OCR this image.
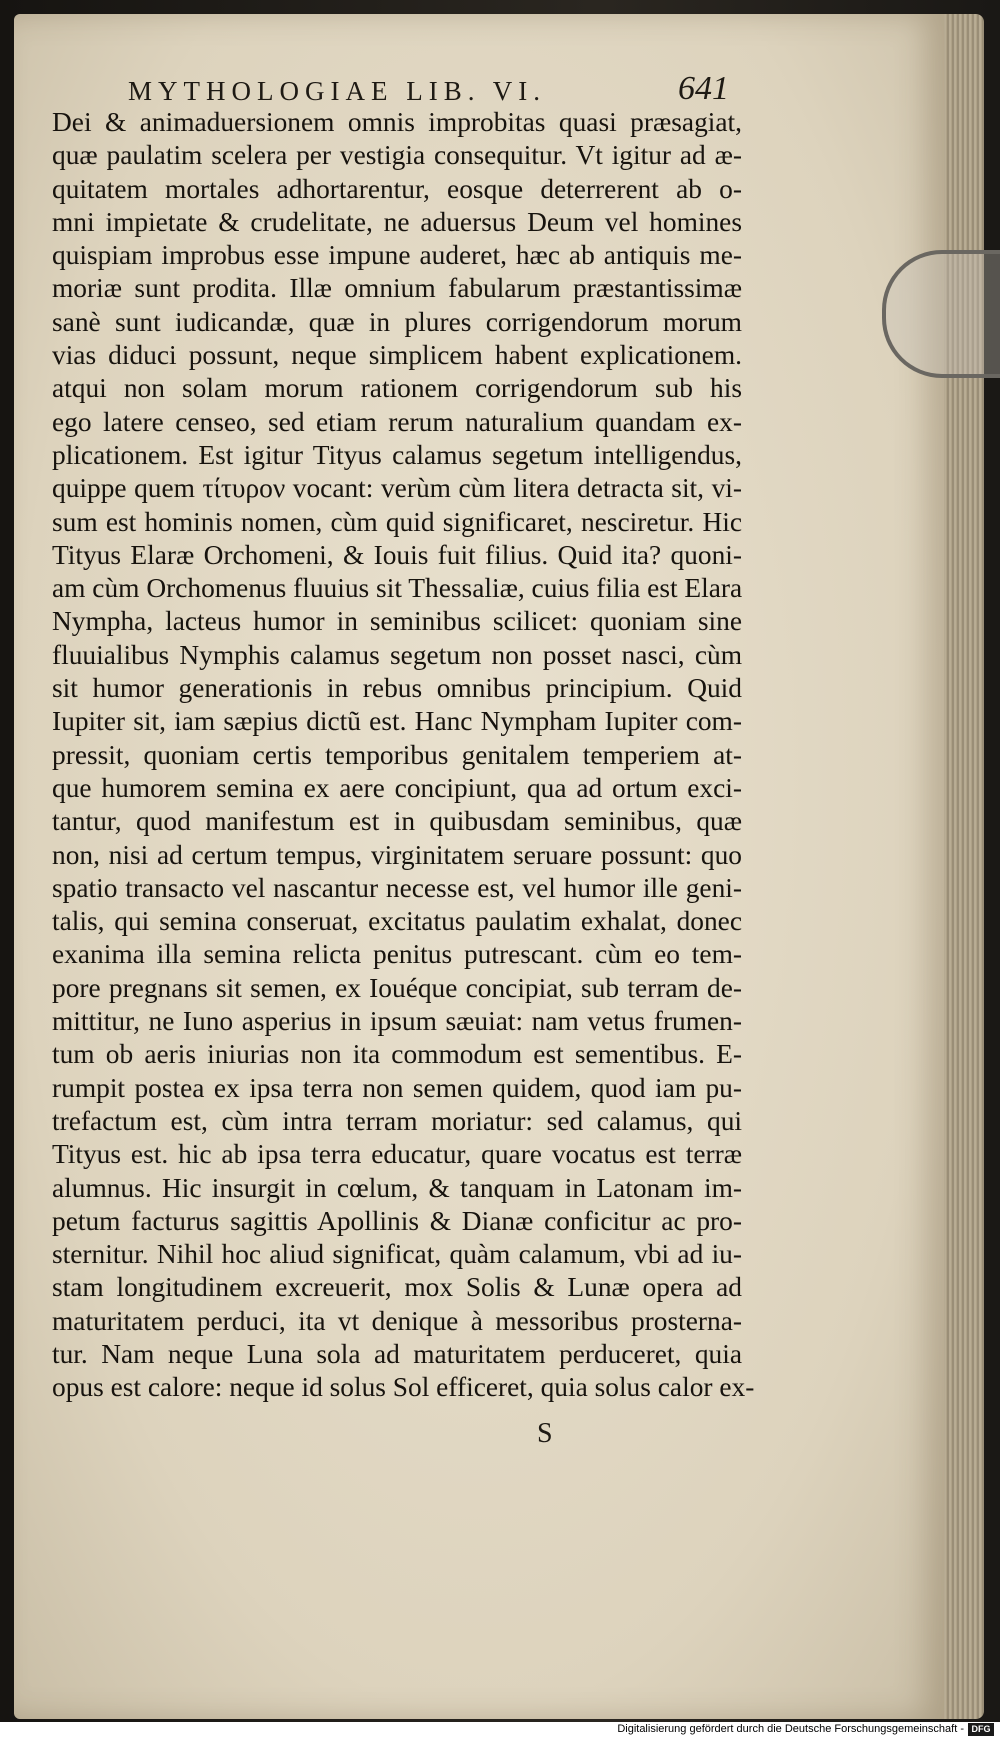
MYTHOLOGIAE LIB. VI.	641
Dei & animaduersionem omnis improbitas quasi præsagiat,
quæ paulatim scelera per vestigia consequitur. Vt igitur ad æ-
quitatem mortales adhortarentur, eosque deterrerent ab o-
mni impietate & crudelitate, ne aduersus Deum vel homines
quispiam improbus esse impune auderet, hæc ab antiquis me-
moriæ sunt prodita. Illæ omnium fabularum præstantissimæ
sanè sunt iudicandæ, quæ in plures corrigendorum morum
vias diduci possunt, neque simplicem habent explicationem.
atqui non solam morum rationem corrigendorum sub his
ego latere censeo, sed etiam rerum naturalium quandam ex-
plicationem. Est igitur Tityus calamus segetum intelligendus,
quippe quem τίτυρον vocant: verùm cùm litera detracta sit, vi-
sum est hominis nomen, cùm quid significaret, nesciretur. Hic
Tityus Elaræ Orchomeni, & Iouis fuit filius. Quid ita? quoni-
am cùm Orchomenus fluuius sit Thessaliæ, cuius filia est Elara
Nympha, lacteus humor in seminibus scilicet: quoniam sine
fluuialibus Nymphis calamus segetum non posset nasci, cùm
sit humor generationis in rebus omnibus principium. Quid
Iupiter sit, iam sæpius dictũ est. Hanc Nympham Iupiter com-
pressit, quoniam certis temporibus genitalem temperiem at-
que humorem semina ex aere concipiunt, qua ad ortum exci-
tantur, quod manifestum est in quibusdam seminibus, quæ
non, nisi ad certum tempus, virginitatem seruare possunt: quo
spatio transacto vel nascantur necesse est, vel humor ille geni-
talis, qui semina conseruat, excitatus paulatim exhalat, donec
exanima illa semina relicta penitus putrescant. cùm eo tem-
pore pregnans sit semen, ex Iouéque concipiat, sub terram de-
mittitur, ne Iuno asperius in ipsum sæuiat: nam vetus frumen-
tum ob aeris iniurias non ita commodum est sementibus. E-
rumpit postea ex ipsa terra non semen quidem, quod iam pu-
trefactum est, cùm intra terram moriatur: sed calamus, qui
Tityus est. hic ab ipsa terra educatur, quare vocatus est terræ
alumnus. Hic insurgit in cœlum, & tanquam in Latonam im-
petum facturus sagittis Apollinis & Dianæ conficitur ac pro-
sternitur. Nihil hoc aliud significat, quàm calamum, vbi ad iu-
stam longitudinem excreuerit, mox Solis & Lunæ opera ad
maturitatem perduci, ita vt denique à messoribus prosterna-
tur. Nam neque Luna sola ad maturitatem perduceret, quia
opus est calore: neque id solus Sol efficeret, quia solus calor ex-
S
Digitalisierung gefördert durch die Deutsche Forschungsgemeinschaft - DFG
